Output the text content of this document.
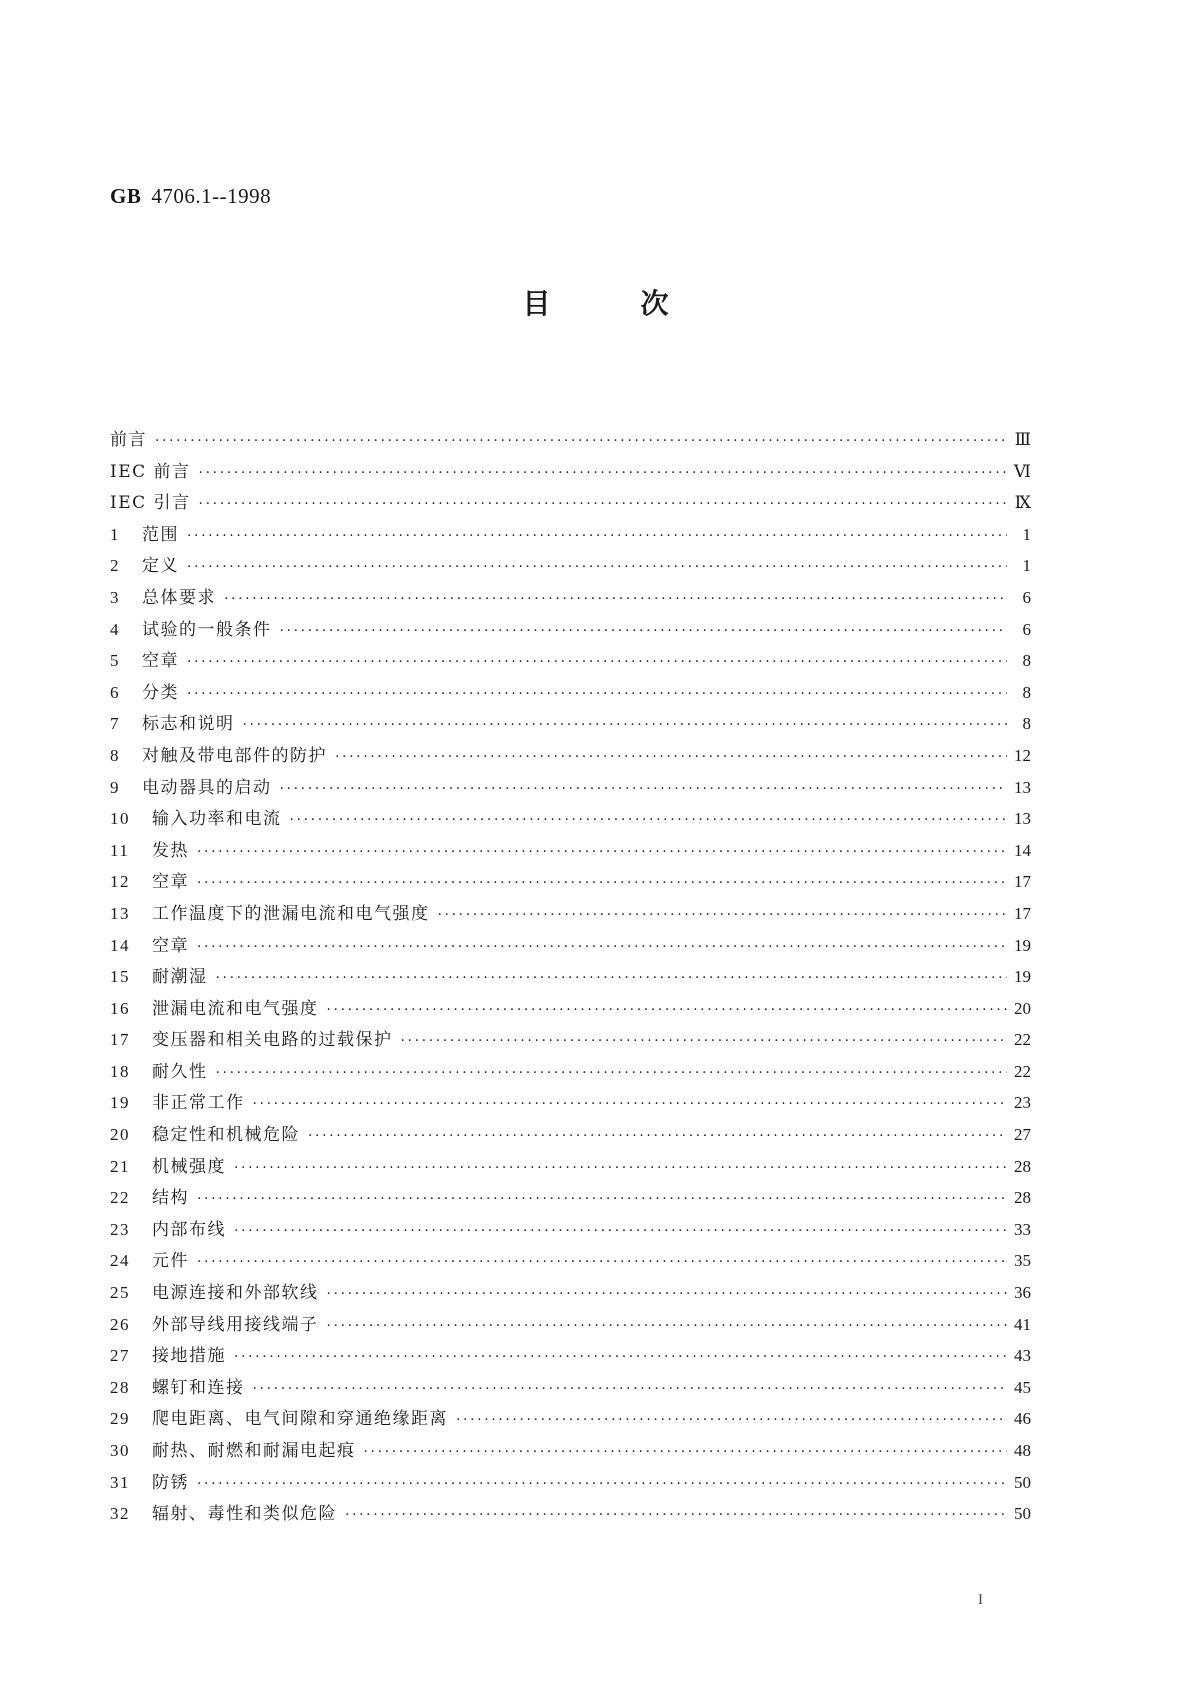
GB 4706.1--1998
目次
前言 ·····	Ⅲ
IEC 前言 ·····	Ⅵ
IEC 引言 ·····	Ⅸ
1	范围 ·····	1
2	定义 ·····	1
3	总体要求 ·····	6
4	试验的一般条件 ·····	6
5	空章 ·····	8
6	分类 ·····	8
7	标志和说明 ·····	8
8	对触及带电部件的防护 ·····	12
9	电动器具的启动 ·····	13
10	输入功率和电流 ·····	13
11	发热 ·····	14
12	空章 ·····	17
13	工作温度下的泄漏电流和电气强度 ·····	17
14	空章 ·····	19
15	耐潮湿 ·····	19
16	泄漏电流和电气强度 ·····	20
17	变压器和相关电路的过载保护 ·····	22
18	耐久性 ·····	22
19	非正常工作 ·····	23
20	稳定性和机械危险 ·····	27
21	机械强度 ·····	28
22	结构 ·····	28
23	内部布线 ·····	33
24	元件 ·····	35
25	电源连接和外部软线 ·····	36
26	外部导线用接线端子 ·····	41
27	接地措施 ·····	43
28	螺钉和连接 ·····	45
29	爬电距离、电气间隙和穿通绝缘距离 ·····	46
30	耐热、耐燃和耐漏电起痕 ·····	48
31	防锈 ·····	50
32	辐射、毒性和类似危险 ·····	50
I
